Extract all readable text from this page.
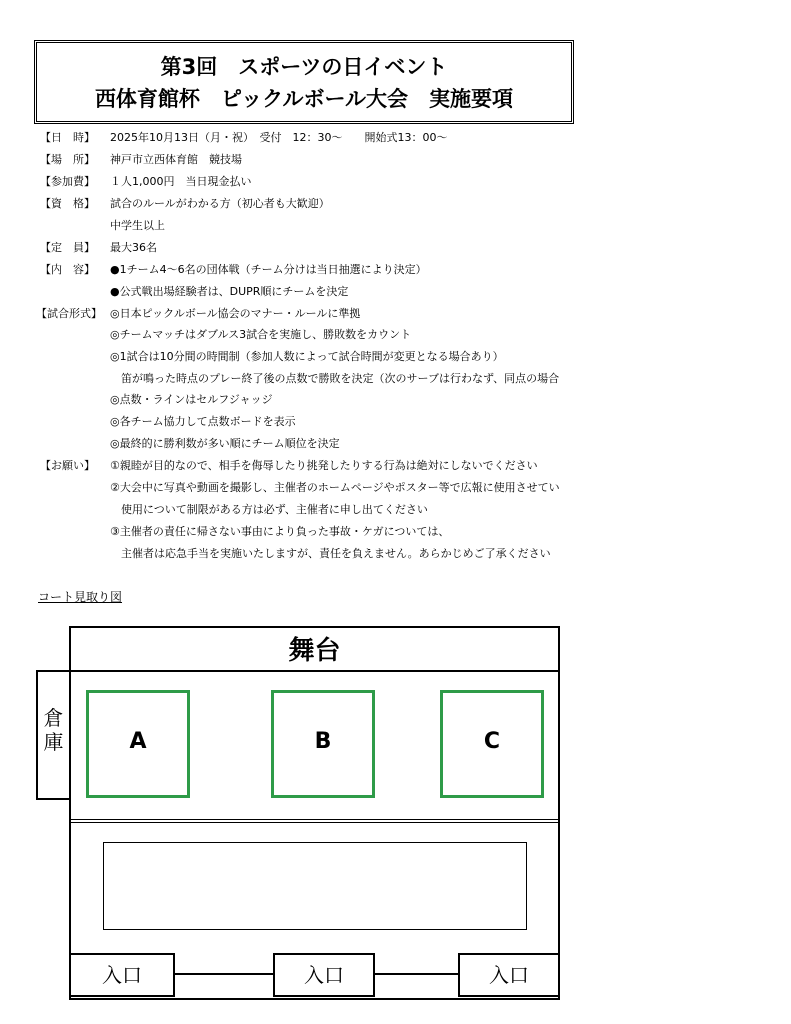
第3回　スポーツの日イベント
西体育館杯　ピックルボール大会　実施要項
【日　時】	2025年10月13日（月・祝）　受付　12：30～　　開始式13：00～
【場　所】	神戸市立西体育館　競技場
【参加費】	１人1,000円　当日現金払い
【資　格】	試合のルールがわかる方（初心者も大歓迎）
中学生以上
【定　員】	最大36名
【内　容】	●1チーム4～6名の団体戦（チーム分けは当日抽選により決定）
●公式戦出場経験者は、DUPR順にチームを決定
【試合形式】 ◎日本ピックルボール協会のマナー・ルールに準拠
◎チームマッチはダブルス3試合を実施し、勝敗数をカウント
◎1試合は10分間の時間制（参加人数によって試合時間が変更となる場合あり）
　笛が鳴った時点のプレー終了後の点数で勝敗を決定（次のサーブは行わなず、同点の場合
◎点数・ラインはセルフジャッジ
◎各チーム協力して点数ボードを表示
◎最終的に勝利数が多い順にチーム順位を決定
【お願い】	①親睦が目的なので、相手を侮辱したり挑発したりする行為は絶対にしないでください
②大会中に写真や動画を撮影し、主催者のホームページやポスター等で広報に使用させてい
　使用について制限がある方は必ず、主催者に申し出てください
③主催者の責任に帰さない事由により負った事故・ケガについては、
　主催者は応急手当を実施いたしますが、責任を負えません。あらかじめご了承ください
コート見取り図
舞台
倉庫	A	B	C
入口	入口	入口
